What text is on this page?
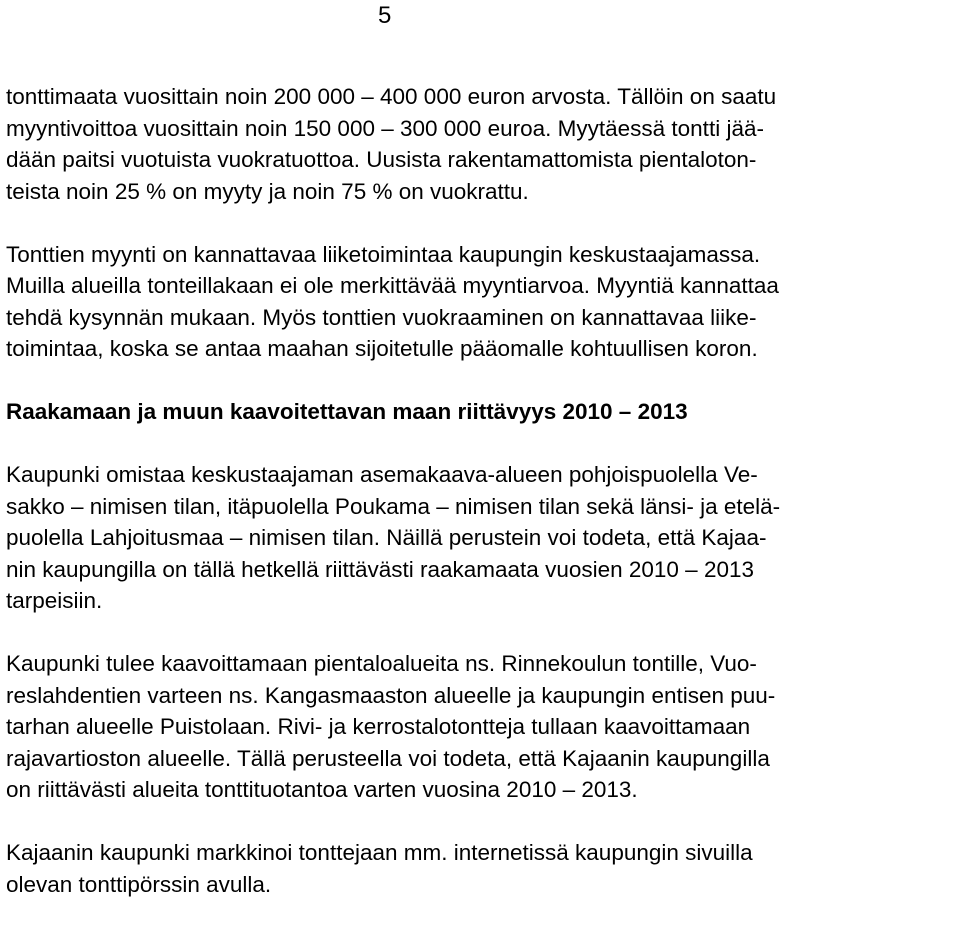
5
tonttimaata vuosittain noin 200 000 – 400 000 euron arvosta. Tällöin on saatu
myyntivoittoa vuosittain noin 150 000 – 300 000 euroa. Myytäessä tontti jää-
dään paitsi vuotuista vuokratuottoa. Uusista rakentamattomista pientaloton-
teista noin 25 % on myyty ja noin 75 % on vuokrattu.
Tonttien myynti on kannattavaa liiketoimintaa kaupungin keskustaajamassa.
Muilla alueilla tonteillakaan ei ole merkittävää myyntiarvoa. Myyntiä kannattaa
tehdä kysynnän mukaan. Myös tonttien vuokraaminen on kannattavaa liike-
toimintaa, koska se antaa maahan sijoitetulle pääomalle kohtuullisen koron.
Raakamaan ja muun kaavoitettavan maan riittävyys 2010 – 2013
Kaupunki omistaa keskustaajaman asemakaava-alueen pohjoispuolella Ve-
sakko – nimisen tilan, itäpuolella Poukama – nimisen tilan sekä länsi- ja etelä-
puolella Lahjoitusmaa – nimisen tilan. Näillä perustein voi todeta, että Kajaa-
nin kaupungilla on tällä hetkellä riittävästi raakamaata vuosien 2010 – 2013
tarpeisiin.
Kaupunki tulee kaavoittamaan pientaloalueita ns. Rinnekoulun tontille, Vuo-
reslahdentien varteen ns. Kangasmaaston alueelle ja kaupungin entisen puu-
tarhan alueelle Puistolaan. Rivi- ja kerrostalotontteja tullaan kaavoittamaan
rajavartioston alueelle. Tällä perusteella voi todeta, että Kajaanin kaupungilla
on riittävästi alueita tonttituotantoa varten vuosina 2010 – 2013.
Kajaanin kaupunki markkinoi tonttejaan mm. internetissä kaupungin sivuilla
olevan tonttipörssin avulla.
